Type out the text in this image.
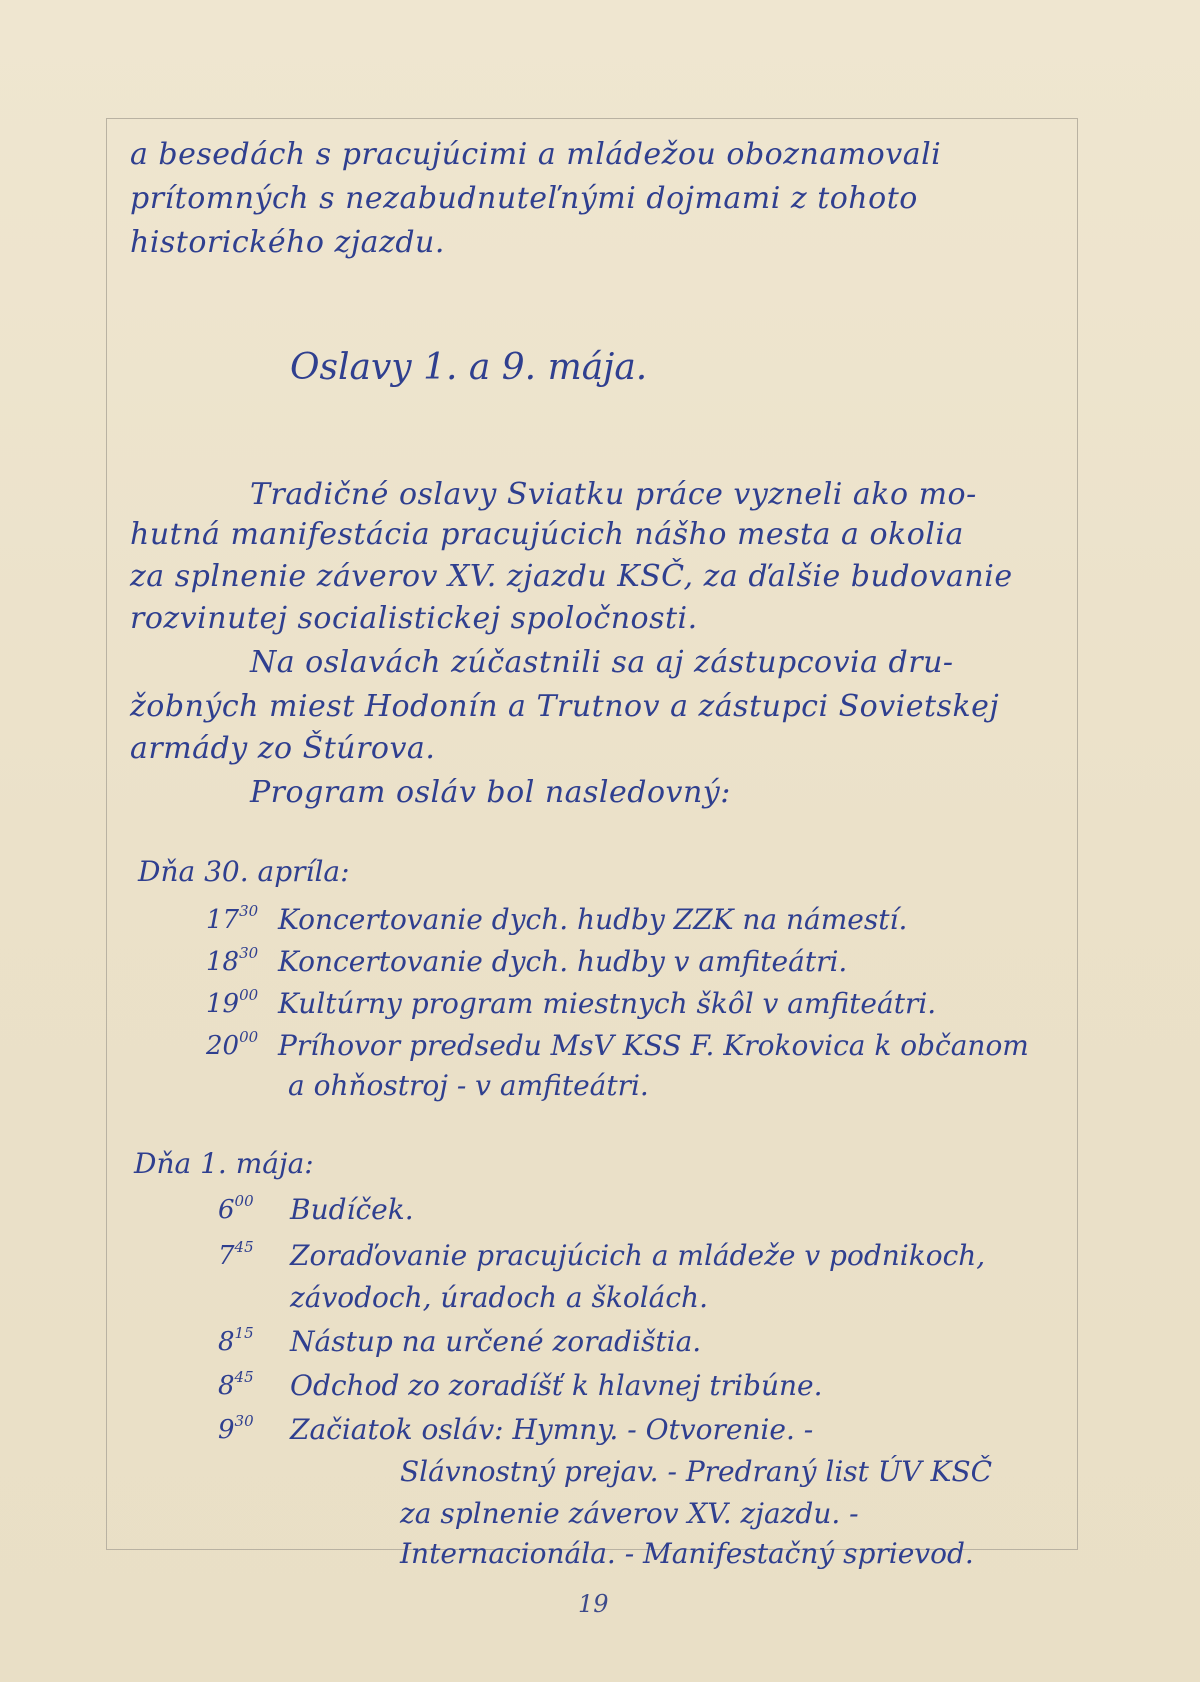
a besedách s pracujúcimi a mládežou oboznamovali
prítomných s nezabudnuteľnými dojmami z tohoto
historického zjazdu.
Oslavy 1. a 9. mája.
Tradičné oslavy Sviatku práce vyzneli ako mo-
hutná manifestácia pracujúcich nášho mesta a okolia
za splnenie záverov XV. zjazdu KSČ, za ďalšie budovanie
rozvinutej socialistickej spoločnosti.
Na oslavách zúčastnili sa aj zástupcovia dru-
žobných miest Hodonín a Trutnov a zástupci Sovietskej
armády zo Štúrova.
Program osláv bol nasledovný:
Dňa 30. apríla:
$17^{30}$ Koncertovanie dych. hudby ZZK na námestí.
$18^{30}$ Koncertovanie dych. hudby v amfiteátri.
$19^{00}$ Kultúrny program miestnych škôl v amfiteátri.
$20^{00}$ Príhovor predsedu MsV KSS F. Krokovica k občanom
a ohňostroj - v amfiteátri.
Dňa 1. mája:
$6^{00}$	Budíček.
$7^{45}$	Zoraďovanie pracujúcich a mládeže v podnikoch,
závodoch, úradoch a školách.
$8^{15}$	Nástup na určené zoradištia.
$8^{45}$	Odchod zo zoradíšť k hlavnej tribúne.
$9^{30}$	Začiatok osláv: Hymny. - Otvorenie. -
Slávnostný prejav. - Predraný list ÚV KSČ
za splnenie záverov XV. zjazdu. -
Internacionála. - Manifestačný sprievod.
19
